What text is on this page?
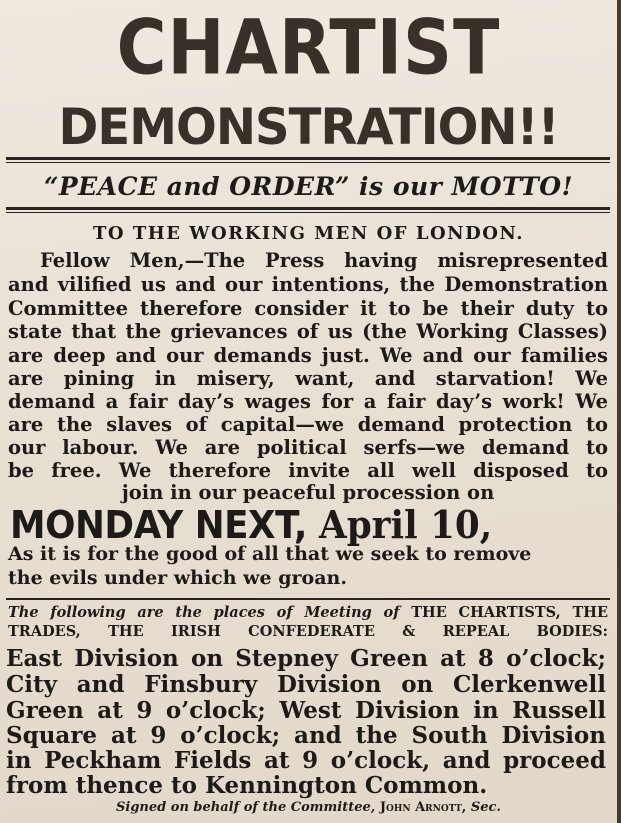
CHARTIST
DEMONSTRATION!!
“PEACE and ORDER” is our MOTTO!
TO THE WORKING MEN OF LONDON.
Fellow Men,—The Press having misrepresented
and vilified us and our intentions, the Demonstration
Committee therefore consider it to be their duty to
state that the grievances of us (the Working Classes)
are deep and our demands just. We and our families
are pining in misery, want, and starvation! We
demand a fair day’s wages for a fair day’s work! We
are the slaves of capital—we demand protection to
our labour. We are political serfs—we demand to
be free. We therefore invite all well disposed to
join in our peaceful procession on
MONDAY NEXT, April 10,
As it is for the good of all that we seek to remove
the evils under which we groan.
The following are the places of Meeting of THE CHARTISTS, THE
TRADES, THE IRISH CONFEDERATE & REPEAL BODIES:
East Division on Stepney Green at 8 o’clock;
City and Finsbury Division on Clerkenwell
Green at 9 o’clock; West Division in Russell
Square at 9 o’clock; and the South Division
in Peckham Fields at 9 o’clock, and proceed
from thence to Kennington Common.
Signed on behalf of the Committee, John Arnott, Sec.
